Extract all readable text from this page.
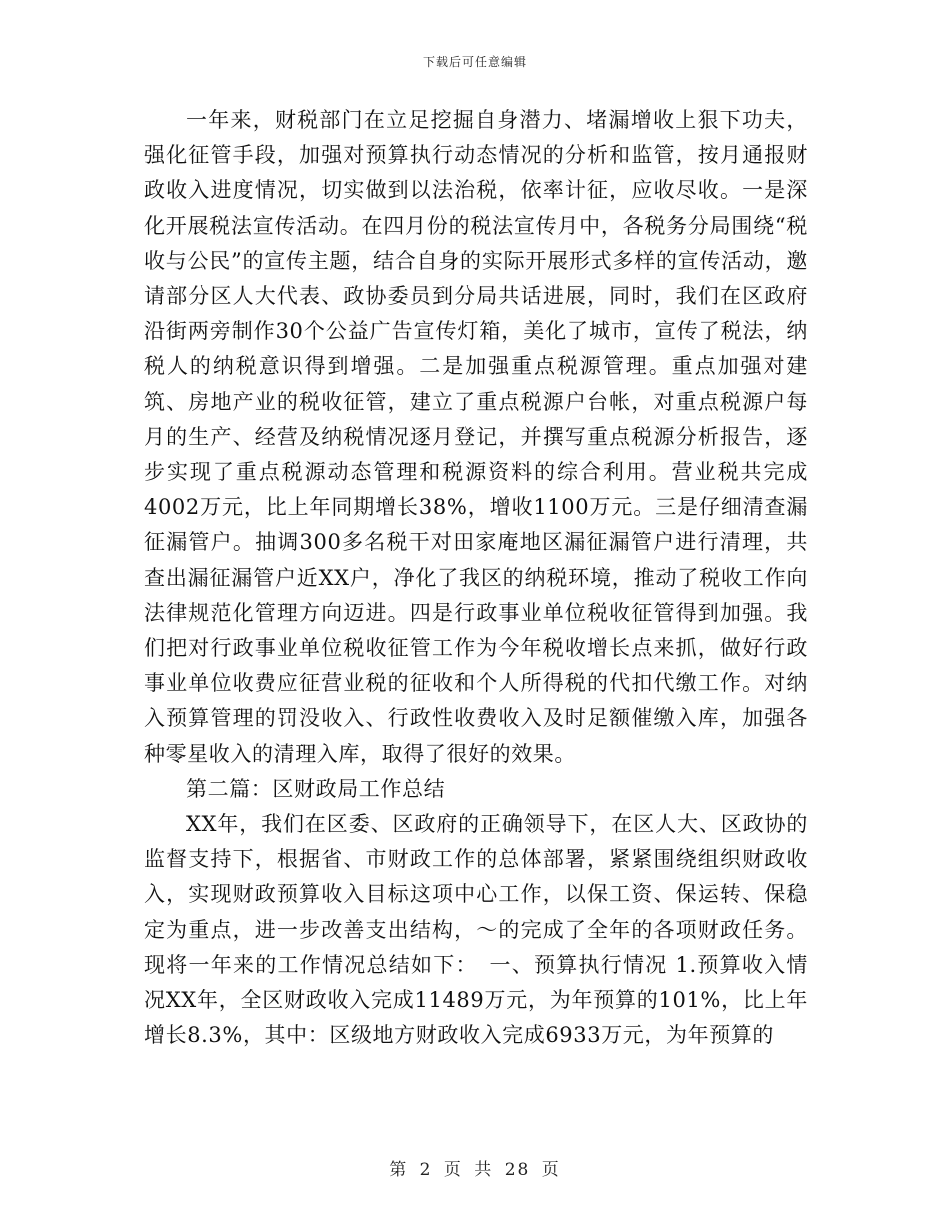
下载后可任意编辑

一年来，财税部门在立足挖掘自身潜力、堵漏增收上狠下功夫，强化征管手段，加强对预算执行动态情况的分析和监管，按月通报财政收入进度情况，切实做到以法治税，依率计征，应收尽收。一是深化开展税法宣传活动。在四月份的税法宣传月中，各税务分局围绕“税收与公民”的宣传主题，结合自身的实际开展形式多样的宣传活动，邀请部分区人大代表、政协委员到分局共话进展，同时，我们在区政府沿街两旁制作30个公益广告宣传灯箱，美化了城市，宣传了税法，纳税人的纳税意识得到增强。二是加强重点税源管理。重点加强对建筑、房地产业的税收征管，建立了重点税源户台帐，对重点税源户每月的生产、经营及纳税情况逐月登记，并撰写重点税源分析报告，逐步实现了重点税源动态管理和税源资料的综合利用。营业税共完成4002万元，比上年同期增长38%，增收1100万元。三是仔细清查漏征漏管户。抽调300多名税干对田家庵地区漏征漏管户进行清理，共查出漏征漏管户近XX户，净化了我区的纳税环境，推动了税收工作向法律规范化管理方向迈进。四是行政事业单位税收征管得到加强。我们把对行政事业单位税收征管工作为今年税收增长点来抓，做好行政事业单位收费应征营业税的征收和个人所得税的代扣代缴工作。对纳入预算管理的罚没收入、行政性收费收入及时足额催缴入库，加强各种零星收入的清理入库，取得了很好的效果。

第二篇：区财政局工作总结

XX年，我们在区委、区政府的正确领导下，在区人大、区政协的监督支持下，根据省、市财政工作的总体部署，紧紧围绕组织财政收入，实现财政预算收入目标这项中心工作，以保工资、保运转、保稳定为重点，进一步改善支出结构，～的完成了全年的各项财政任务。现将一年来的工作情况总结如下：　一、预算执行情况 1.预算收入情况XX年，全区财政收入完成11489万元，为年预算的101%，比上年增长8.3%，其中：区级地方财政收入完成6933万元，为年预算的

第 2 页 共 28 页
